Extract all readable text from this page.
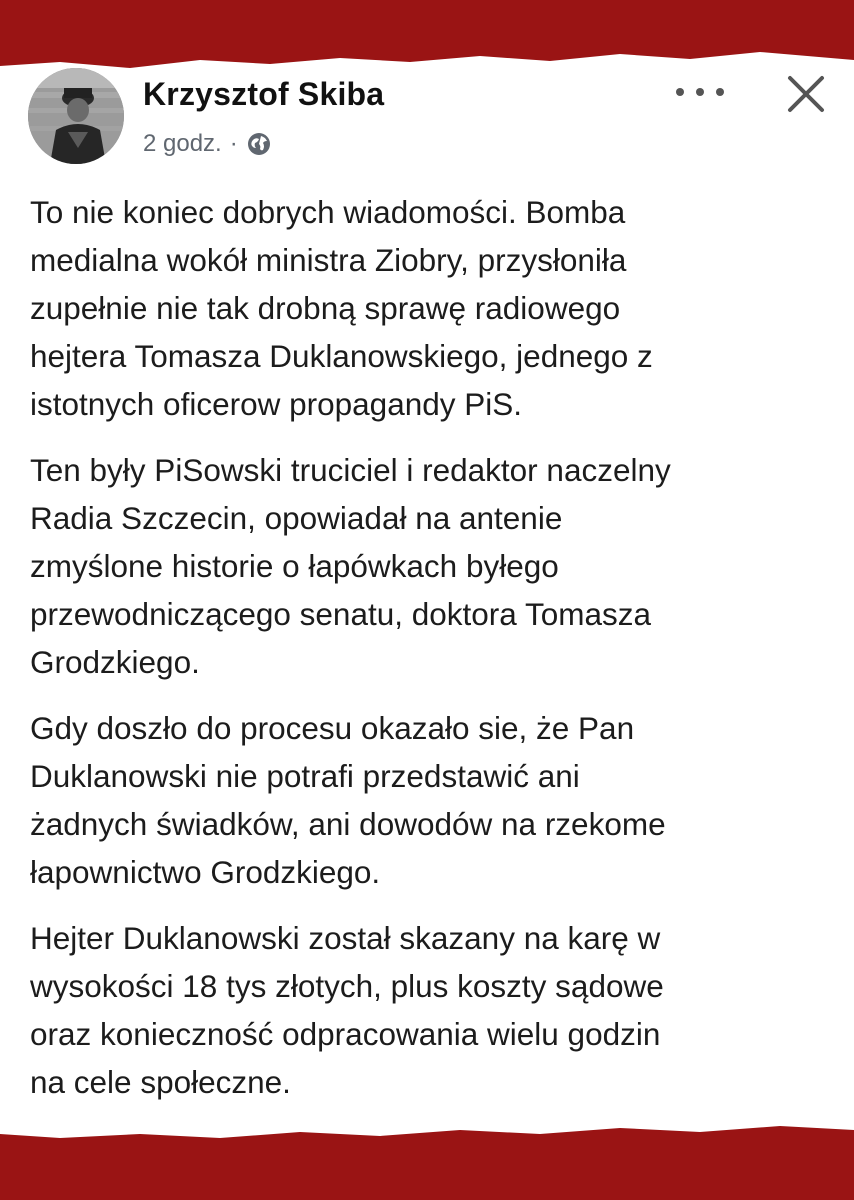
Krzysztof Skiba
2 godz. ·

To nie koniec dobrych wiadomości. Bomba
medialna wokół ministra Ziobry, przysłoniła
zupełnie nie tak drobną sprawę radiowego
hejtera Tomasza Duklanowskiego, jednego z
istotnych oficerow propagandy PiS.

Ten były PiSowski truciciel i redaktor naczelny
Radia Szczecin, opowiadał na antenie
zmyślone historie o łapówkach byłego
przewodniczącego senatu, doktora Tomasza
Grodzkiego.

Gdy doszło do procesu okazało sie, że Pan
Duklanowski nie potrafi przedstawić ani
żadnych świadków, ani dowodów na rzekome
łapownictwo Grodzkiego.

Hejter Duklanowski został skazany na karę w
wysokości 18 tys złotych, plus koszty sądowe
oraz konieczność odpracowania wielu godzin
na cele społeczne.
